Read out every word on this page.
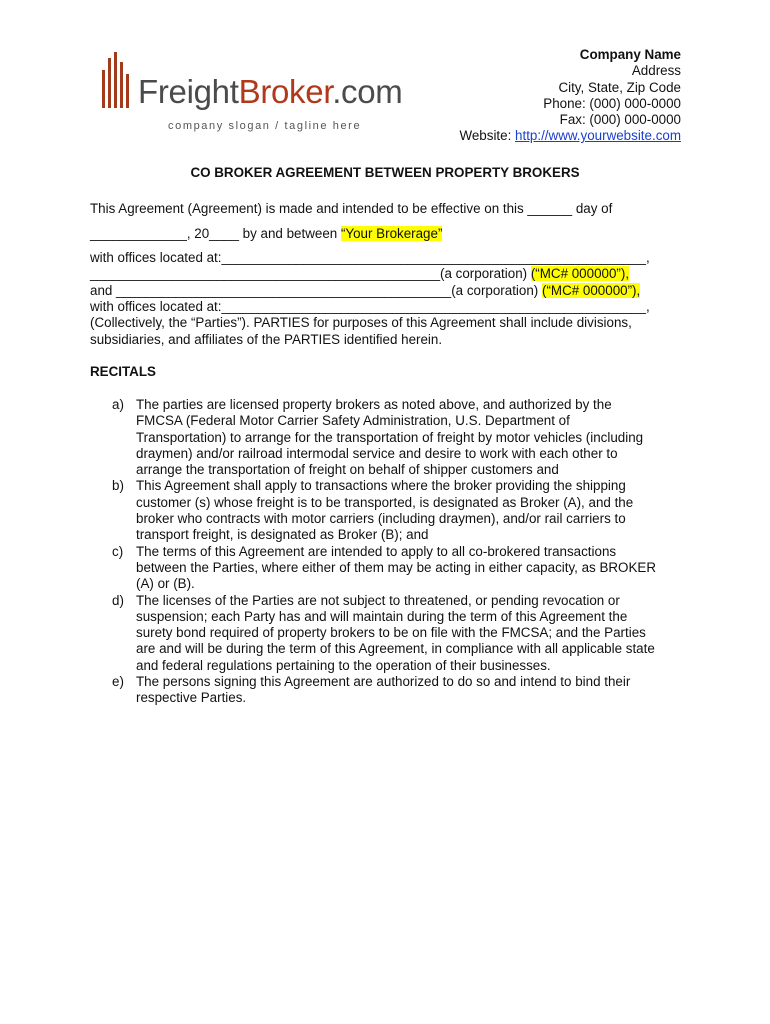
FreightBroker.com
company slogan / tagline here
Company Name
Address
City, State, Zip Code
Phone: (000) 000-0000
Fax: (000) 000-0000
Website: http://www.yourwebsite.com
CO BROKER AGREEMENT BETWEEN PROPERTY BROKERS
This Agreement (Agreement) is made and intended to be effective on this ______ day of
_____________, 20____ by and between “Your Brokerage”
with offices located at:_________________________________________________________,
_______________________________________________(a corporation) (“MC# 000000”),
and _____________________________________________(a corporation) (“MC# 000000”),
with offices located at:_________________________________________________________,
(Collectively, the “Parties”). PARTIES for purposes of this Agreement shall include divisions,
subsidiaries, and affiliates of the PARTIES identified herein.
RECITALS
a) The parties are licensed property brokers as noted above, and authorized by the
FMCSA (Federal Motor Carrier Safety Administration, U.S. Department of
Transportation) to arrange for the transportation of freight by motor vehicles (including
draymen) and/or railroad intermodal service and desire to work with each other to
arrange the transportation of freight on behalf of shipper customers and
b) This Agreement shall apply to transactions where the broker providing the shipping
customer (s) whose freight is to be transported, is designated as Broker (A), and the
broker who contracts with motor carriers (including draymen), and/or rail carriers to
transport freight, is designated as Broker (B); and
c) The terms of this Agreement are intended to apply to all co-brokered transactions
between the Parties, where either of them may be acting in either capacity, as BROKER
(A) or (B).
d) The licenses of the Parties are not subject to threatened, or pending revocation or
suspension; each Party has and will maintain during the term of this Agreement the
surety bond required of property brokers to be on file with the FMCSA; and the Parties
are and will be during the term of this Agreement, in compliance with all applicable state
and federal regulations pertaining to the operation of their businesses.
e) The persons signing this Agreement are authorized to do so and intend to bind their
respective Parties.
